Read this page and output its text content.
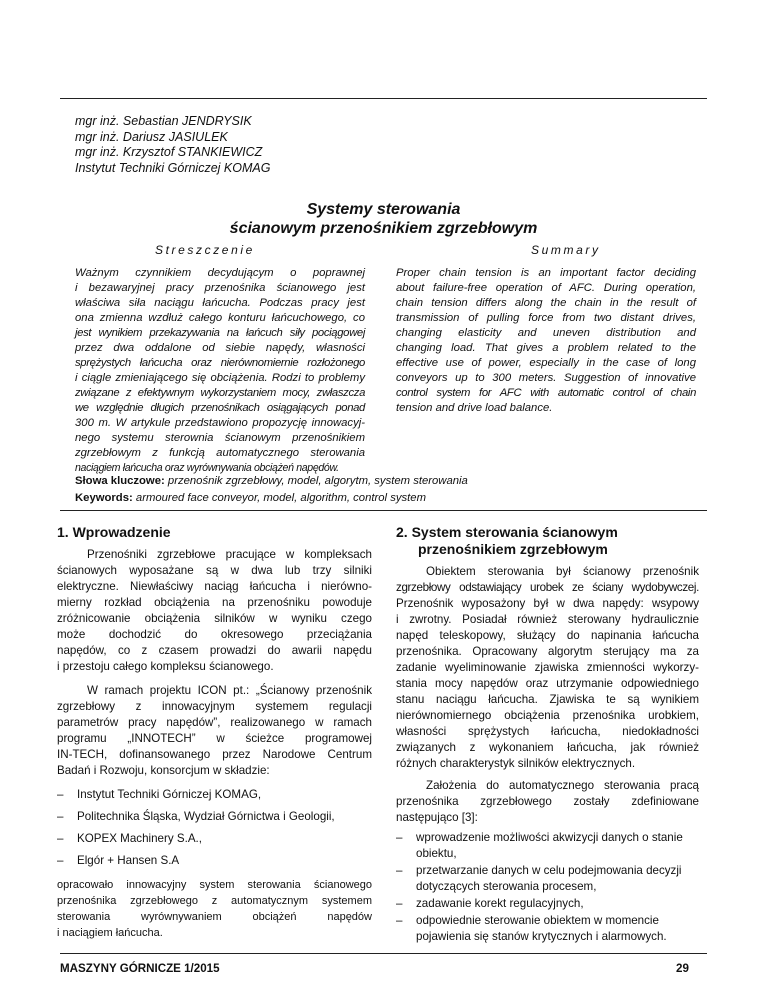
mgr inż. Sebastian JENDRYSIK
mgr inż. Dariusz JASIULEK
mgr inż. Krzysztof STANKIEWICZ
Instytut Techniki Górniczej KOMAG
Systemy sterowania
ścianowym przenośnikiem zgrzebłowym
Streszczenie	Summary
Ważnym czynnikiem decydującym o poprawnej
i bezawaryjnej pracy przenośnika ścianowego jest
właściwa siła naciągu łańcucha. Podczas pracy jest
ona zmienna wzdłuż całego konturu łańcuchowego, co
jest wynikiem przekazywania na łańcuch siły pociągowej
przez dwa oddalone od siebie napędy, własności
sprężystych łańcucha oraz nierównomiernie rozłożonego
i ciągle zmieniającego się obciążenia. Rodzi to problemy
związane z efektywnym wykorzystaniem mocy, zwłaszcza
we względnie długich przenośnikach osiągających ponad
300 m. W artykule przedstawiono propozycję innowacyj-
nego systemu sterownia ścianowym przenośnikiem
zgrzebłowym z funkcją automatycznego sterowania
naciągiem łańcucha oraz wyrównywania obciążeń napędów.
Proper chain tension is an important factor deciding
about failure-free operation of AFC. During operation,
chain tension differs along the chain in the result of
transmission of pulling force from two distant drives,
changing elasticity and uneven distribution and
changing load. That gives a problem related to the
effective use of power, especially in the case of long
conveyors up to 300 meters. Suggestion of innovative
control system for AFC with automatic control of chain
tension and drive load balance.
Słowa kluczowe: przenośnik zgrzebłowy, model, algorytm, system sterowania
Keywords: armoured face conveyor, model, algorithm, control system
1. Wprowadzenie
Przenośniki zgrzebłowe pracujące w kompleksach
ścianowych wyposażane są w dwa lub trzy silniki
elektryczne. Niewłaściwy naciąg łańcucha i nierówno-
mierny rozkład obciążenia na przenośniku powoduje
zróżnicowanie obciążenia silników w wyniku czego
może dochodzić do okresowego przeciążania
napędów, co z czasem prowadzi do awarii napędu
i przestoju całego kompleksu ścianowego.
W ramach projektu ICON pt.: „Ścianowy przenośnik
zgrzebłowy z innowacyjnym systemem regulacji
parametrów pracy napędów”, realizowanego w ramach
programu „INNOTECH” w ścieżce programowej
IN-TECH, dofinansowanego przez Narodowe Centrum
Badań i Rozwoju, konsorcjum w składzie:
– Instytut Techniki Górniczej KOMAG,
– Politechnika Śląska, Wydział Górnictwa i Geologii,
– KOPEX Machinery S.A.,
– Elgór + Hansen S.A
opracowało innowacyjny system sterowania ścianowego
przenośnika zgrzebłowego z automatycznym systemem
sterowania wyrównywaniem obciążeń napędów
i naciągiem łańcucha.
2. System sterowania ścianowym przenośnikiem zgrzebłowym
Obiektem sterowania był ścianowy przenośnik
zgrzebłowy odstawiający urobek ze ściany wydobywczej.
Przenośnik wyposażony był w dwa napędy: wsypowy
i zwrotny. Posiadał również sterowany hydraulicznie
napęd teleskopowy, służący do napinania łańcucha
przenośnika. Opracowany algorytm sterujący ma za
zadanie wyeliminowanie zjawiska zmienności wykorzy-
stania mocy napędów oraz utrzymanie odpowiedniego
stanu naciągu łańcucha. Zjawiska te są wynikiem
nierównomiernego obciążenia przenośnika urobkiem,
własności sprężystych łańcucha, niedokładności
związanych z wykonaniem łańcucha, jak również
różnych charakterystyk silników elektrycznych.
Założenia do automatycznego sterowania pracą
przenośnika zgrzebłowego zostały zdefiniowane
następująco [3]:
– wprowadzenie możliwości akwizycji danych o stanie obiektu,
– przetwarzanie danych w celu podejmowania decyzji dotyczących sterowania procesem,
– zadawanie korekt regulacyjnych,
– odpowiednie sterowanie obiektem w momencie pojawienia się stanów krytycznych i alarmowych.
MASZYNY GÓRNICZE 1/2015	29
